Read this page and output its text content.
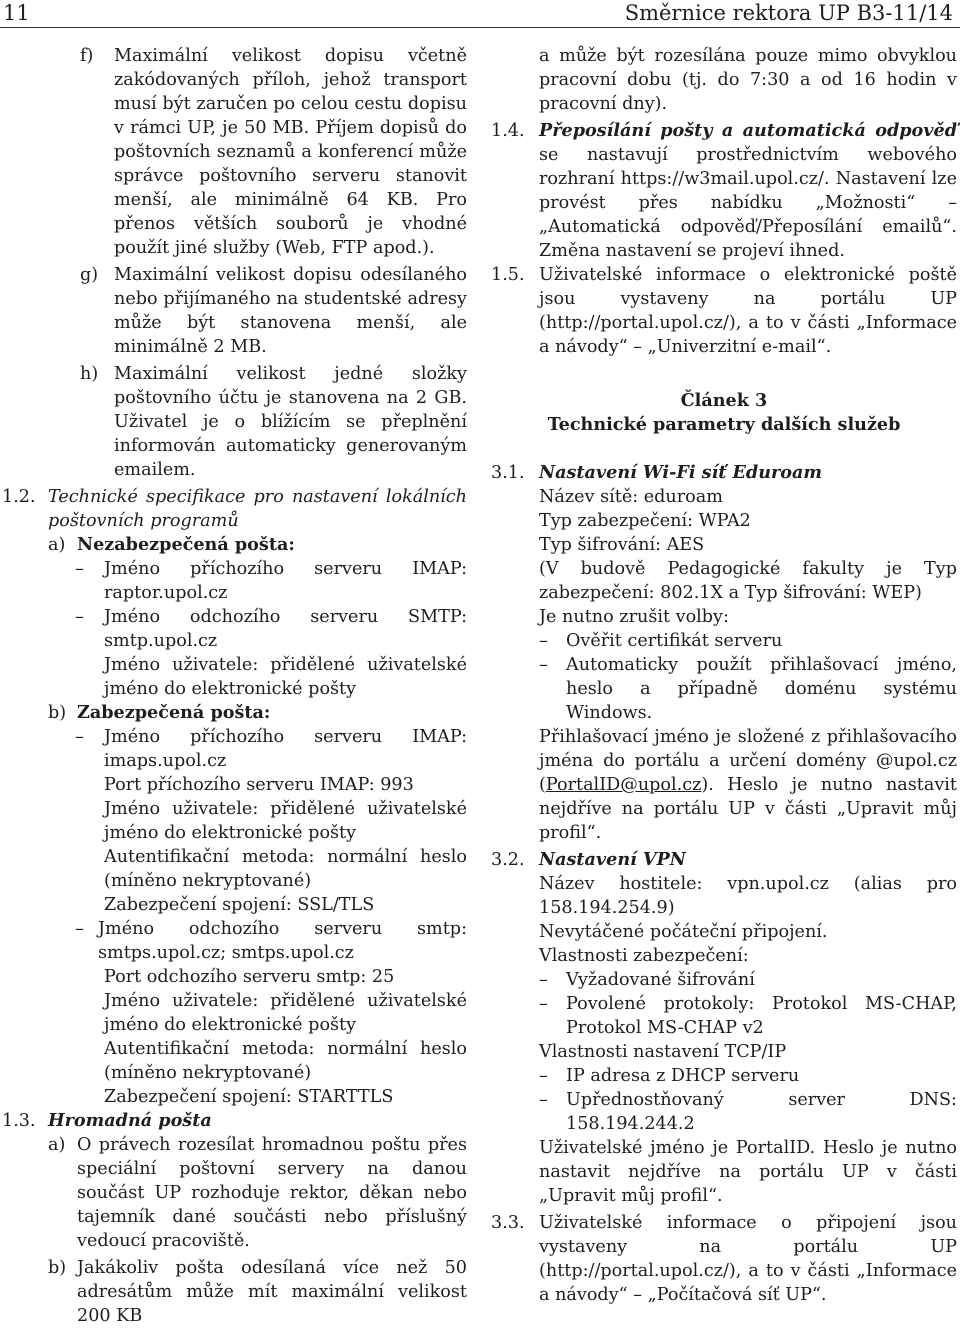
11	Směrnice rektora UP B3-11/14
f) Maximální velikost dopisu včetně zakódovaných příloh, jehož transport musí být zaručen po celou cestu dopisu v rámci UP, je 50 MB. Příjem dopisů do poštovních seznamů a konferencí může správce poštovního serveru stanovit menší, ale minimálně 64 KB. Pro přenos větších souborů je vhodné použít jiné služby (Web, FTP apod.).

g) Maximální velikost dopisu odesílaného nebo přijímaného na studentské adresy může být stanovena menší, ale minimálně 2 MB.

h) Maximální velikost jedné složky poštovního účtu je stanovena na 2 GB. Uživatel je o blížícím se přeplnění informován automaticky generovaným emailem.

1.2. Technické specifikace pro nastavení lokálních poštovních programů

a) Nezabezpečená pošta:

– Jméno příchozího serveru IMAP: raptor.upol.cz

– Jméno odchozího serveru SMTP: smtp.upol.cz

Jméno uživatele: přidělené uživatelské jméno do elektronické pošty

b) Zabezpečená pošta:

– Jméno příchozího serveru IMAP: imaps.upol.cz

Port příchozího serveru IMAP: 993

Jméno uživatele: přidělené uživatelské jméno do elektronické pošty

Autentifikační metoda: normální heslo (míněno nekryptované)

Zabezpečení spojení: SSL/TLS

– Jméno odchozího serveru smtp: smtps.upol.cz; smtps.upol.cz

Port odchozího serveru smtp: 25

Jméno uživatele: přidělené uživatelské jméno do elektronické pošty

Autentifikační metoda: normální heslo (míněno nekryptované)

Zabezpečení spojení: STARTTLS

1.3. Hromadná pošta

a) O právech rozesílat hromadnou poštu přes speciální poštovní servery na danou součást UP rozhoduje rektor, děkan nebo tajemník dané součásti nebo příslušný vedoucí pracoviště.

b) Jakákoliv pošta odesílaná více než 50 adresátům může mít maximální velikost 200 KB

a může být rozesílána pouze mimo obvyklou pracovní dobu (tj. do 7:30 a od 16 hodin v pracovní dny).

1.4. Přeposílání pošty a automatická odpověď se nastavují prostřednictvím webového rozhraní https://w3mail.upol.cz/. Nastavení lze provést přes nabídku „Možnosti“ – „Automatická odpověď/Přeposílání emailů“. Změna nastavení se projeví ihned.

1.5. Uživatelské informace o elektronické poště jsou vystaveny na portálu UP (http://portal.upol.cz/), a to v části „Informace a návody“ – „Univerzitní e-mail“.

Článek 3

Technické parametry dalších služeb

3.1. Nastavení Wi-Fi síť Eduroam

Název sítě: eduroam

Typ zabezpečení: WPA2

Typ šifrování: AES

(V budově Pedagogické fakulty je Typ zabezpečení: 802.1X a Typ šifrování: WEP)

Je nutno zrušit volby:

– Ověřit certifikát serveru

– Automaticky použít přihlašovací jméno, heslo a případně doménu systému Windows.

Přihlašovací jméno je složené z přihlašovacího jména do portálu a určení domény @upol.cz (PortalID@upol.cz). Heslo je nutno nastavit nejdříve na portálu UP v části „Upravit můj profil“.

3.2. Nastavení VPN

Název hostitele: vpn.upol.cz (alias pro 158.194.254.9)

Nevytáčené počáteční připojení.

Vlastnosti zabezpečení:

– Vyžadované šifrování

– Povolené protokoly: Protokol MS-CHAP, Protokol MS-CHAP v2

Vlastnosti nastavení TCP/IP

– IP adresa z DHCP serveru

– Upřednostňovaný server DNS: 158.194.244.2

Uživatelské jméno je PortalID. Heslo je nutno nastavit nejdříve na portálu UP v části „Upravit můj profil“.

3.3. Uživatelské informace o připojení jsou vystaveny na portálu UP (http://portal.upol.cz/), a to v části „Informace a návody“ – „Počítačová síť UP“.
